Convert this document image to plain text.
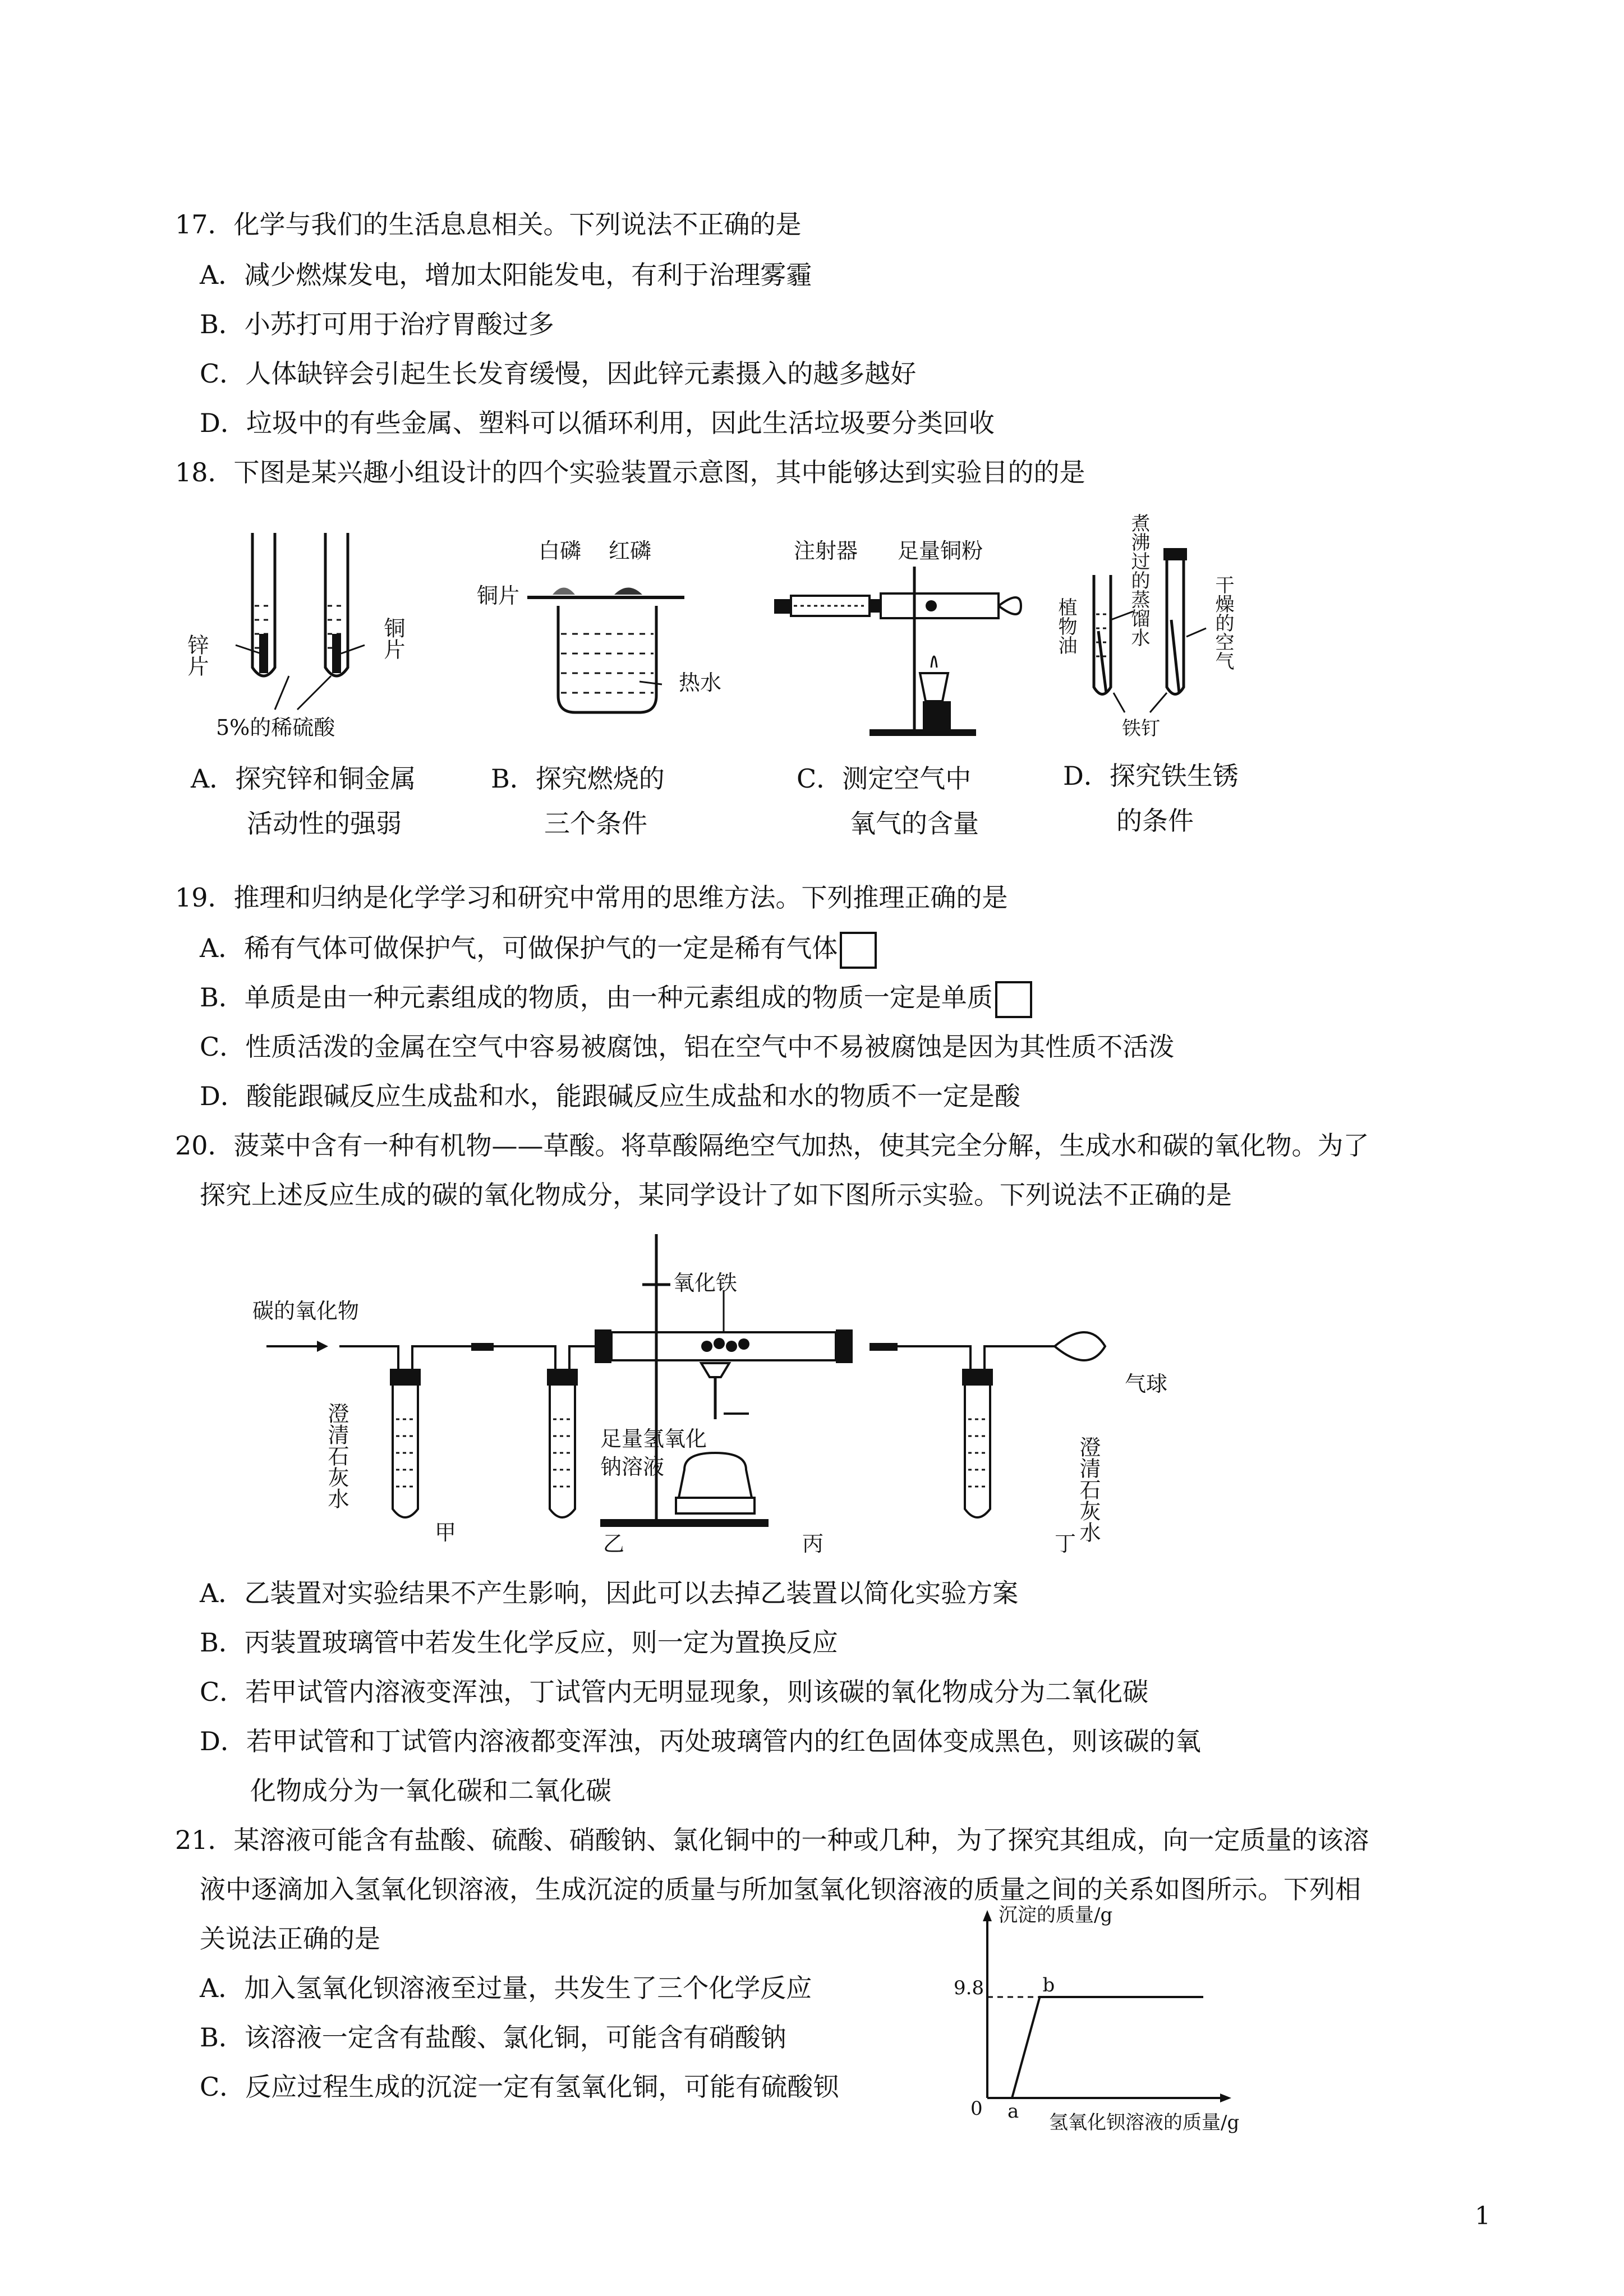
17．化学与我们的生活息息相关。下列说法不正确的是
A．减少燃煤发电，增加太阳能发电，有利于治理雾霾
B．小苏打可用于治疗胃酸过多
C．人体缺锌会引起生长发育缓慢，因此锌元素摄入的越多越好
D．垃圾中的有些金属、塑料可以循环利用，因此生活垃圾要分类回收
18．下图是某兴趣小组设计的四个实验装置示意图，其中能够达到实验目的的是
锌片	铜片
5%的稀硫酸
白磷 红磷
铜片
热水
注射器 足量铜粉	煮沸过的蒸馏水
植物油	干燥的空气
铁钉
A．探究锌和铜金属
活动性的强弱
B．探究燃烧的
三个条件
C．测定空气中
氧气的含量
D．探究铁生锈
的条件
19．推理和归纳是化学学习和研究中常用的思维方法。下列推理正确的是
A．稀有气体可做保护气，可做保护气的一定是稀有气体
B．单质是由一种元素组成的物质，由一种元素组成的物质一定是单质
C．性质活泼的金属在空气中容易被腐蚀，铝在空气中不易被腐蚀是因为其性质不活泼
D．酸能跟碱反应生成盐和水，能跟碱反应生成盐和水的物质不一定是酸
20．菠菜中含有一种有机物——草酸。将草酸隔绝空气加热，使其完全分解，生成水和碳的氧化物。为了
探究上述反应生成的碳的氧化物成分，某同学设计了如下图所示实验。下列说法不正确的是
碳的氧化物
氧化铁
气球
澄清石灰水	澄清石灰水
甲	乙	丙	丁
足量氢氧化钠溶液
A．乙装置对实验结果不产生影响，因此可以去掉乙装置以简化实验方案
B．丙装置玻璃管中若发生化学反应，则一定为置换反应
C．若甲试管内溶液变浑浊，丁试管内无明显现象，则该碳的氧化物成分为二氧化碳
D．若甲试管和丁试管内溶液都变浑浊，丙处玻璃管内的红色固体变成黑色，则该碳的氧
化物成分为一氧化碳和二氧化碳
21．某溶液可能含有盐酸、硫酸、硝酸钠、氯化铜中的一种或几种，为了探究其组成，向一定质量的该溶
液中逐滴加入氢氧化钡溶液，生成沉淀的质量与所加氢氧化钡溶液的质量之间的关系如图所示。下列相
关说法正确的是
A．加入氢氧化钡溶液至过量，共发生了三个化学反应
B．该溶液一定含有盐酸、氯化铜，可能含有硝酸钠
C．反应过程生成的沉淀一定有氢氧化铜，可能有硫酸钡
沉淀的质量/g
氢氧化钡溶液的质量/g
0
9.8
a
b
1
